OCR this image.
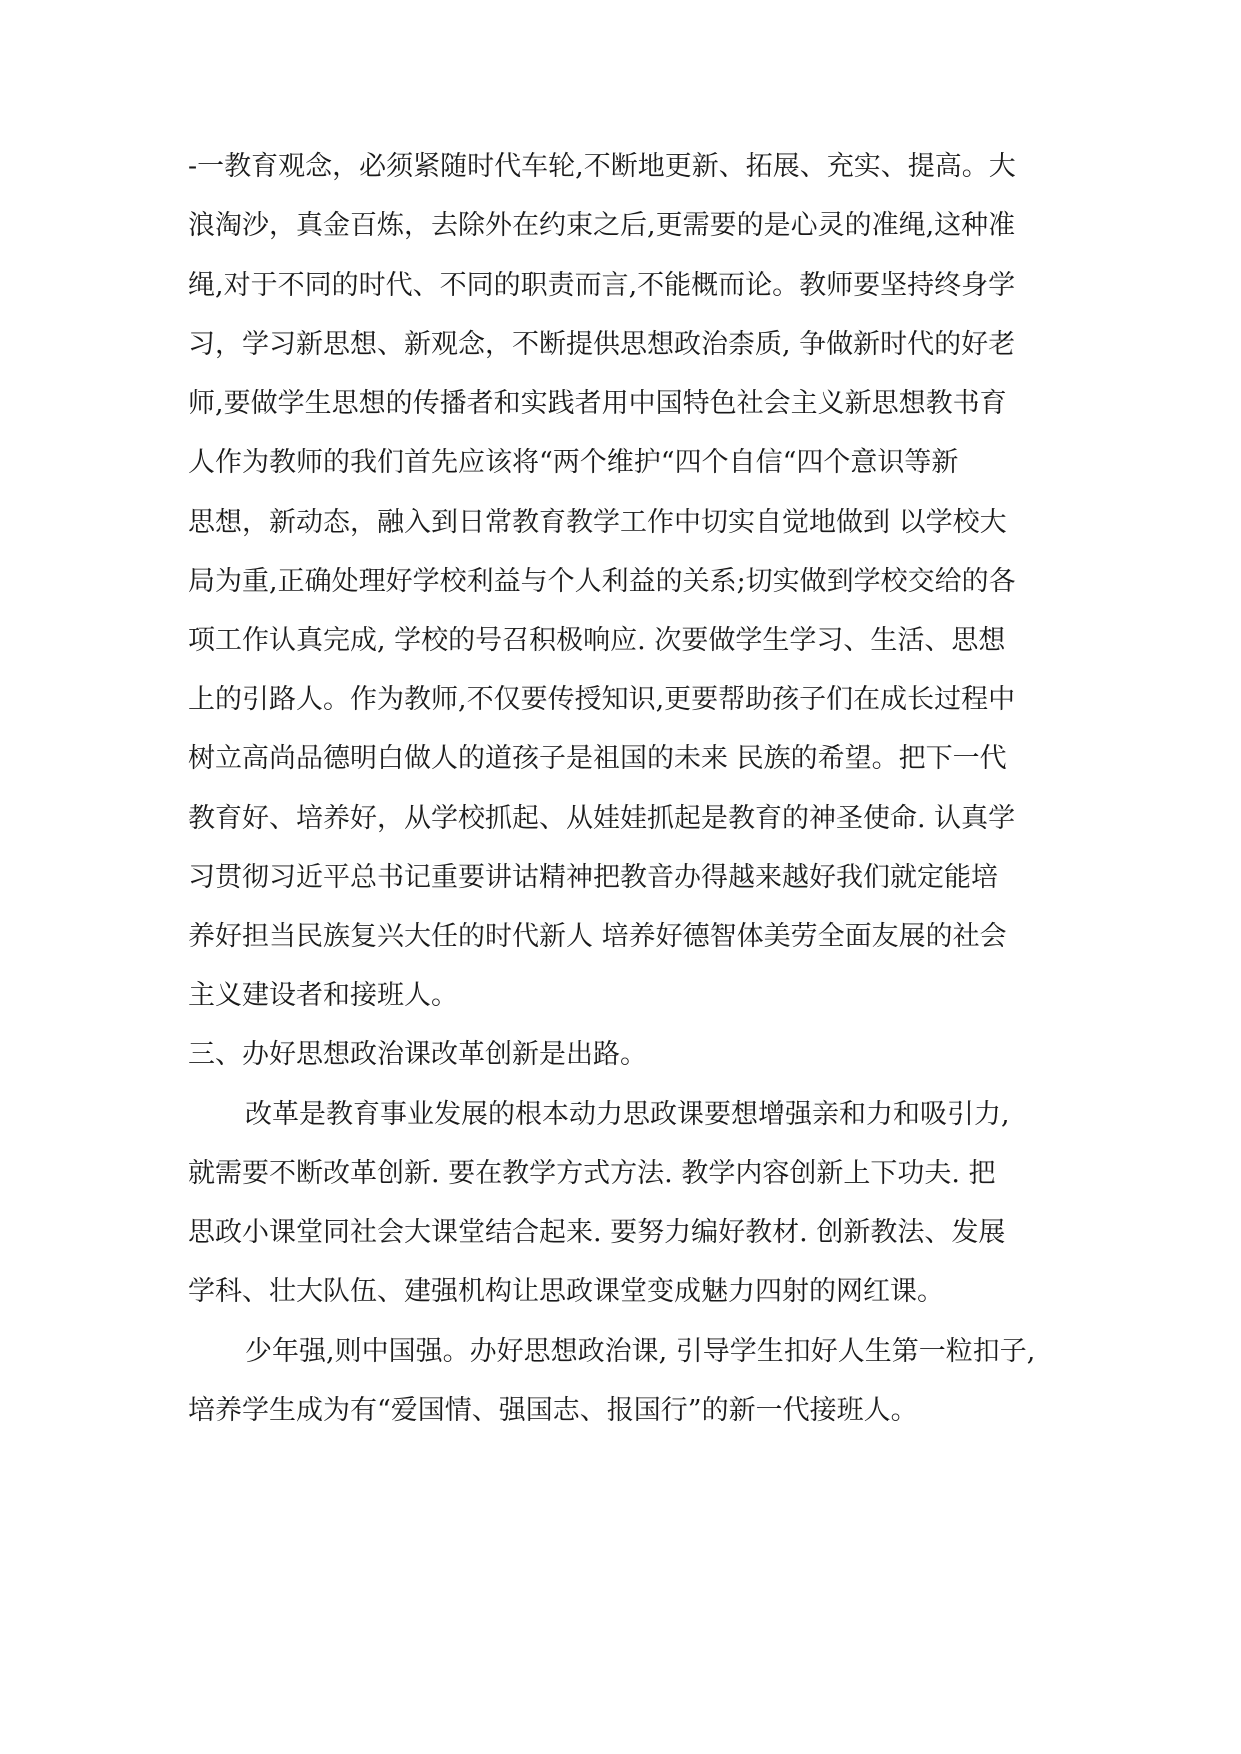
-一教育观念，必须紧随时代车轮,不断地更新、拓展、充实、提高。大
浪淘沙，真金百炼，去除外在约束之后,更需要的是心灵的准绳,这种准
绳,对于不同的时代、不同的职责而言,不能概而论。教师要坚持终身学
习，学习新思想、新观念，不断提供思想政治柰质, 争做新时代的好老
师,要做学生思想的传播者和实践者用中国特色社会主义新思想教书育
人作为教师的我们首先应该将“两个维护“四个自信“四个意识等新
思想，新动态，融入到日常教育教学工作中切实自觉地做到 以学校大
局为重,正确处理好学校利益与个人利益的关系;切实做到学校交给的各
项工作认真完成, 学校的号召积极响应. 次要做学生学习、生活、思想
上的引路人。作为教师,不仅要传授知识,更要帮助孩子们在成长过程中
树立高尚品德明白做人的道孩子是祖国的未来 民族的希望。把下一代
教育好、培养好，从学校抓起、从娃娃抓起是教育的神圣使命. 认真学
习贯彻习近平总书记重要讲诂精神把教音办得越来越好我们就定能培
养好担当民族复兴大任的时代新人 培养好德智体美劳全面友展的社会
主义建设者和接班人。
三、办好思想政治课改革创新是出路。
改革是教育事业发展的根本动力思政课要想增强亲和力和吸引力,
就需要不断改革创新. 要在教学方式方法. 教学内容创新上下功夫. 把
思政小课堂同社会大课堂结合起来. 要努力编好教材. 创新教法、发展
学科、壮大队伍、建强机构让思政课堂变成魅力四射的网红课。
少年强,则中国强。办好思想政治课, 引导学生扣好人生第一粒扣子,
培养学生成为有“爱国情、强国志、报国行”的新一代接班人。
